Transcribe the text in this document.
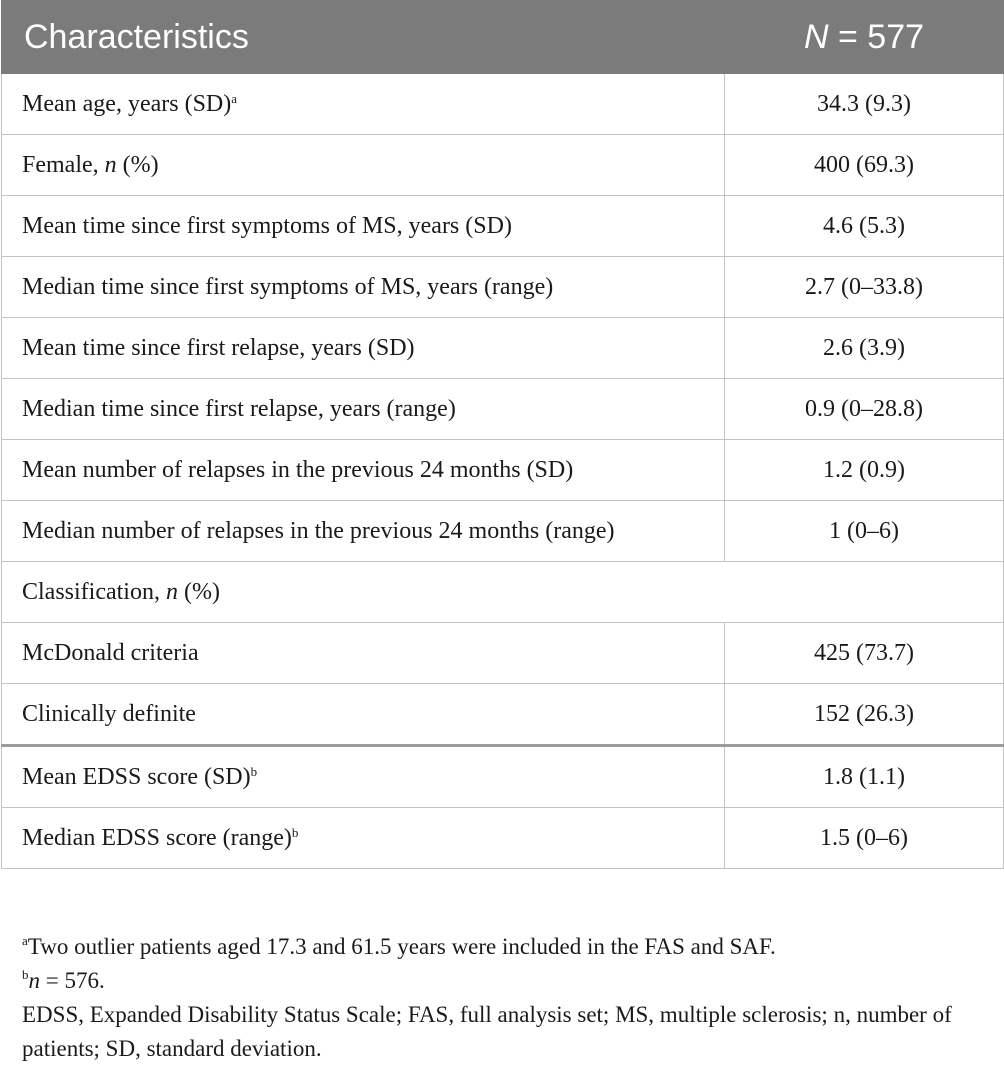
Characteristics	N = 577
Mean age, years (SD)$^a$	34.3 (9.3)
Female, n (%)	400 (69.3)
Mean time since first symptoms of MS, years (SD)	4.6 (5.3)
Median time since first symptoms of MS, years (range)	2.7 (0–33.8)
Mean time since first relapse, years (SD)	2.6 (3.9)
Median time since first relapse, years (range)	0.9 (0–28.8)
Mean number of relapses in the previous 24 months (SD)	1.2 (0.9)
Median number of relapses in the previous 24 months (range)	1 (0–6)
Classification, n (%)	
McDonald criteria	425 (73.7)
Clinically definite	152 (26.3)
Mean EDSS score (SD)$^b$	1.8 (1.1)
Median EDSS score (range)$^b$	1.5 (0–6)

$^a$Two outlier patients aged 17.3 and 61.5 years were included in the FAS and SAF.

$^b$n = 576.

EDSS, Expanded Disability Status Scale; FAS, full analysis set; MS, multiple sclerosis; n, number of patients; SD, standard deviation.
